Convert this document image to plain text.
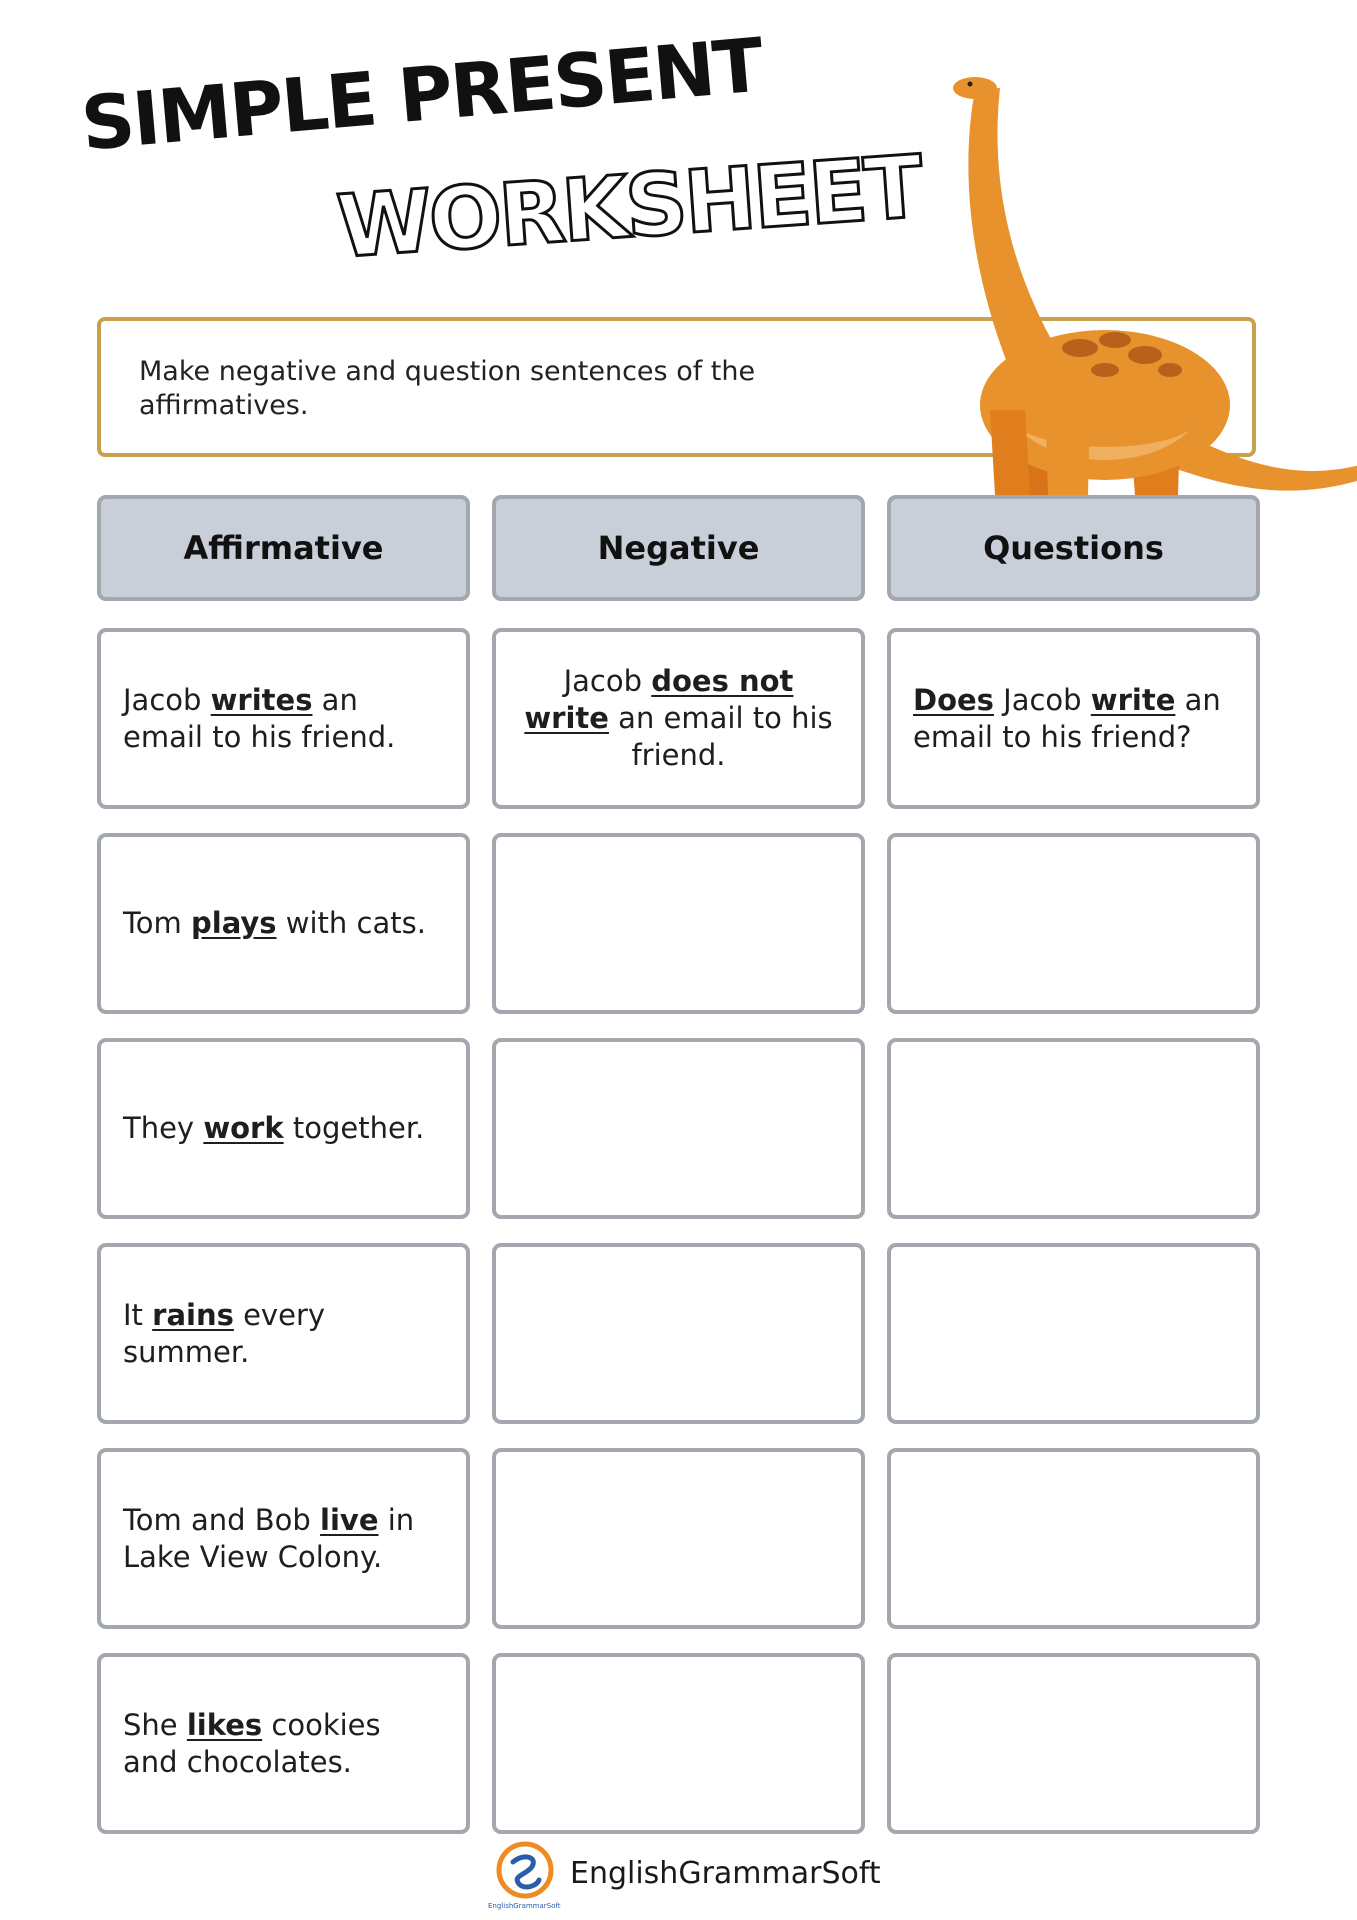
SIMPLE PRESENT
WORKSHEET
Make negative and question sentences of the affirmatives.
Affirmative	Negative	Questions
Jacob writes an email to his friend.
Jacob does not write an email to his friend.
Does Jacob write an email to his friend?
Tom plays with cats.
They work together.
It rains every summer.
Tom and Bob live in Lake View Colony.
She likes cookies and chocolates.
EnglishGrammarSoft
EnglishGrammarSoft
